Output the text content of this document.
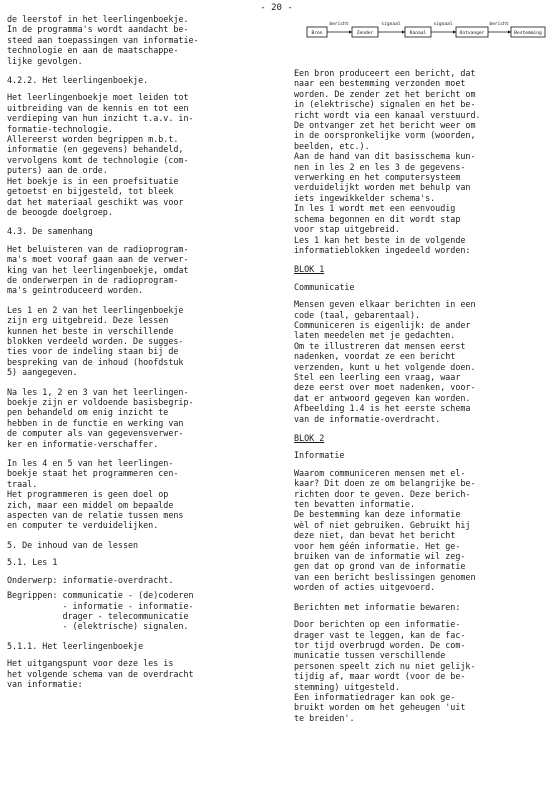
- 20 -

de leerstof in het leerlingenboekje.
In de programma's wordt aandacht be-
steed aan toepassingen van informatie-
technologie en aan de maatschappe-
lijke gevolgen.

4.2.2. Het leerlingenboekje.

Het leerlingenboekje moet leiden tot
uitbreiding van de kennis en tot een
verdieping van hun inzicht t.a.v. in-
formatie-technologie.
Allereerst worden begrippen m.b.t.
informatie (en gegevens) behandeld,
vervolgens komt de technologie (com-
puters) aan de orde.
Het boekje is in een proefsituatie
getoetst en bijgesteld, tot bleek
dat het materiaal geschikt was voor
de beoogde doelgroep.

4.3. De samenhang

Het beluisteren van de radioprogram-
ma's moet vooraf gaan aan de verwer-
king van het leerlingenboekje, omdat
de onderwerpen in de radioprogram-
ma's geintroduceerd worden.

Les 1 en 2 van het leerlingenboekje
zijn erg uitgebreid. Deze lessen
kunnen het beste in verschillende
blokken verdeeld worden. De sugges-
ties voor de indeling staan bij de
bespreking van de inhoud (hoofdstuk
5) aangegeven.

Na les 1, 2 en 3 van het leerlingen-
boekje zijn er voldoende basisbegrip-
pen behandeld om enig inzicht te
hebben in de functie en werking van
de computer als van gegevensverwer-
ker en informatie-verschaffer.

In les 4 en 5 van het leerlingen-
boekje staat het programmeren cen-
traal.
Het programmeren is geen doel op
zich, maar een middel om bepaalde
aspecten van de relatie tussen mens
en computer te verduidelijken.

5. De inhoud van de lessen

5.1. Les 1

Onderwerp: informatie-overdracht.

Begrippen: communicatie - (de)coderen
- informatie - informatie-
drager - telecommunicatie
- (elektrische) signalen.

5.1.1. Het leerlingenboekje

Het uitgangspunt voor deze les is
het volgende schema van de overdracht
van informatie:

Bron	Zender	Kanaal	Ontvanger	Bestemming
bericht	signaal	signaal	bericht

Een bron produceert een bericht, dat
naar een bestemming verzonden moet
worden. De zender zet het bericht om
in (elektrische) signalen en het be-
richt wordt via een kanaal verstuurd.
De ontvanger zet het bericht weer om
in de oorspronkelijke vorm (woorden,
beelden, etc.).
Aan de hand van dit basisschema kun-
nen in les 2 en les 3 de gegevens-
verwerking en het computersysteem
verduidelijkt worden met behulp van
iets ingewikkelder schema's.
In les 1 wordt met een eenvoudig
schema begonnen en dit wordt stap
voor stap uitgebreid.
Les 1 kan het beste in de volgende
informatieblokken ingedeeld worden:

BLOK 1

Communicatie

Mensen geven elkaar berichten in een
code (taal, gebarentaal).
Communiceren is eigenlijk: de ander
laten meedelen met je gedachten.
Om te illustreren dat mensen eerst
nadenken, voordat ze een bericht
verzenden, kunt u het volgende doen.
Stel een leerling een vraag, waar
deze eerst over moet nadenken, voor-
dat er antwoord gegeven kan worden.
Afbeelding 1.4 is het eerste schema
van de informatie-overdracht.

BLOK 2

Informatie

Waarom communiceren mensen met el-
kaar? Dit doen ze om belangrijke be-
richten door te geven. Deze berich-
ten bevatten informatie.
De bestemming kan deze informatie
wèl of niet gebruiken. Gebruikt hij
deze niet, dan bevat het bericht
voor hem géén informatie. Het ge-
bruiken van de informatie wil zeg-
gen dat op grond van de informatie
van een bericht beslissingen genomen
worden of acties uitgevoerd.

Berichten met informatie bewaren:

Door berichten op een informatie-
drager vast te leggen, kan de fac-
tor tijd overbrugd worden. De com-
municatie tussen verschillende
personen speelt zich nu niet gelijk-
tijdig af, maar wordt (voor de be-
stemming) uitgesteld.
Een informatiedrager kan ook ge-
bruikt worden om het geheugen 'uit
te breiden'.
